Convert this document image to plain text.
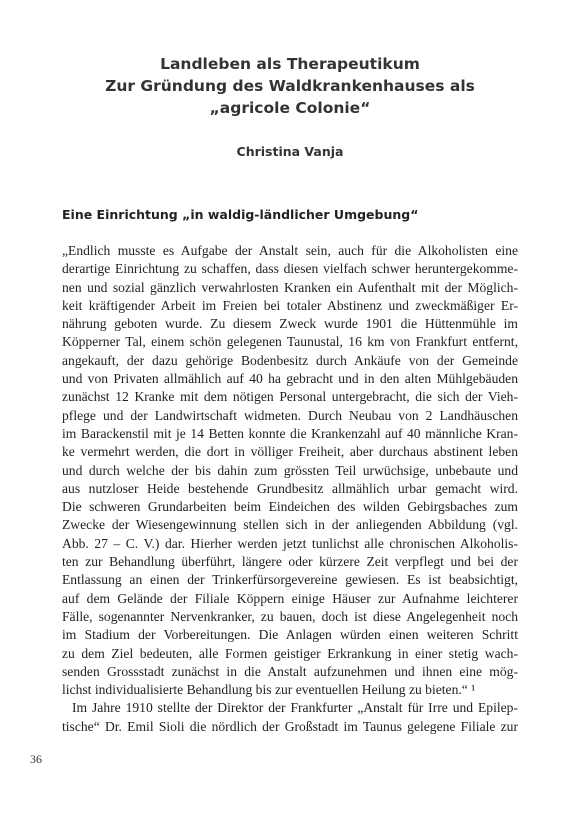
Landleben als Therapeutikum
Zur Gründung des Waldkrankenhauses als
„agricole Colonie“

Christina Vanja

Eine Einrichtung „in waldig-ländlicher Umgebung“
„Endlich musste es Aufgabe der Anstalt sein, auch für die Alkoholisten eine
derartige Einrichtung zu schaffen, dass diesen vielfach schwer heruntergekomme-
nen und sozial gänzlich verwahrlosten Kranken ein Aufenthalt mit der Möglich-
keit kräftigender Arbeit im Freien bei totaler Abstinenz und zweckmäßiger Er-
nährung geboten wurde. Zu diesem Zweck wurde 1901 die Hüttenmühle im
Köpperner Tal, einem schön gelegenen Taunustal, 16 km von Frankfurt entfernt,
angekauft, der dazu gehörige Bodenbesitz durch Ankäufe von der Gemeinde
und von Privaten allmählich auf 40 ha gebracht und in den alten Mühlgebäuden
zunächst 12 Kranke mit dem nötigen Personal untergebracht, die sich der Vieh-
pflege und der Landwirtschaft widmeten. Durch Neubau von 2 Landhäuschen
im Barackenstil mit je 14 Betten konnte die Krankenzahl auf 40 männliche Kran-
ke vermehrt werden, die dort in völliger Freiheit, aber durchaus abstinent leben
und durch welche der bis dahin zum grössten Teil urwüchsige, unbebaute und
aus nutzloser Heide bestehende Grundbesitz allmählich urbar gemacht wird.
Die schweren Grundarbeiten beim Eindeichen des wilden Gebirgsbaches zum
Zwecke der Wiesengewinnung stellen sich in der anliegenden Abbildung (vgl.
Abb. 27 – C. V.) dar. Hierher werden jetzt tunlichst alle chronischen Alkoholis-
ten zur Behandlung überführt, längere oder kürzere Zeit verpflegt und bei der
Entlassung an einen der Trinkerfürsorgevereine gewiesen. Es ist beabsichtigt,
auf dem Gelände der Filiale Köppern einige Häuser zur Aufnahme leichterer
Fälle, sogenannter Nervenkranker, zu bauen, doch ist diese Angelegenheit noch
im Stadium der Vorbereitungen. Die Anlagen würden einen weiteren Schritt
zu dem Ziel bedeuten, alle Formen geistiger Erkrankung in einer stetig wach-
senden Grossstadt zunächst in die Anstalt aufzunehmen und ihnen eine mög-
lichst individualisierte Behandlung bis zur eventuellen Heilung zu bieten.“ ¹
Im Jahre 1910 stellte der Direktor der Frankfurter „Anstalt für Irre und Epilep-
tische“ Dr. Emil Sioli die nördlich der Großstadt im Taunus gelegene Filiale zur

36
